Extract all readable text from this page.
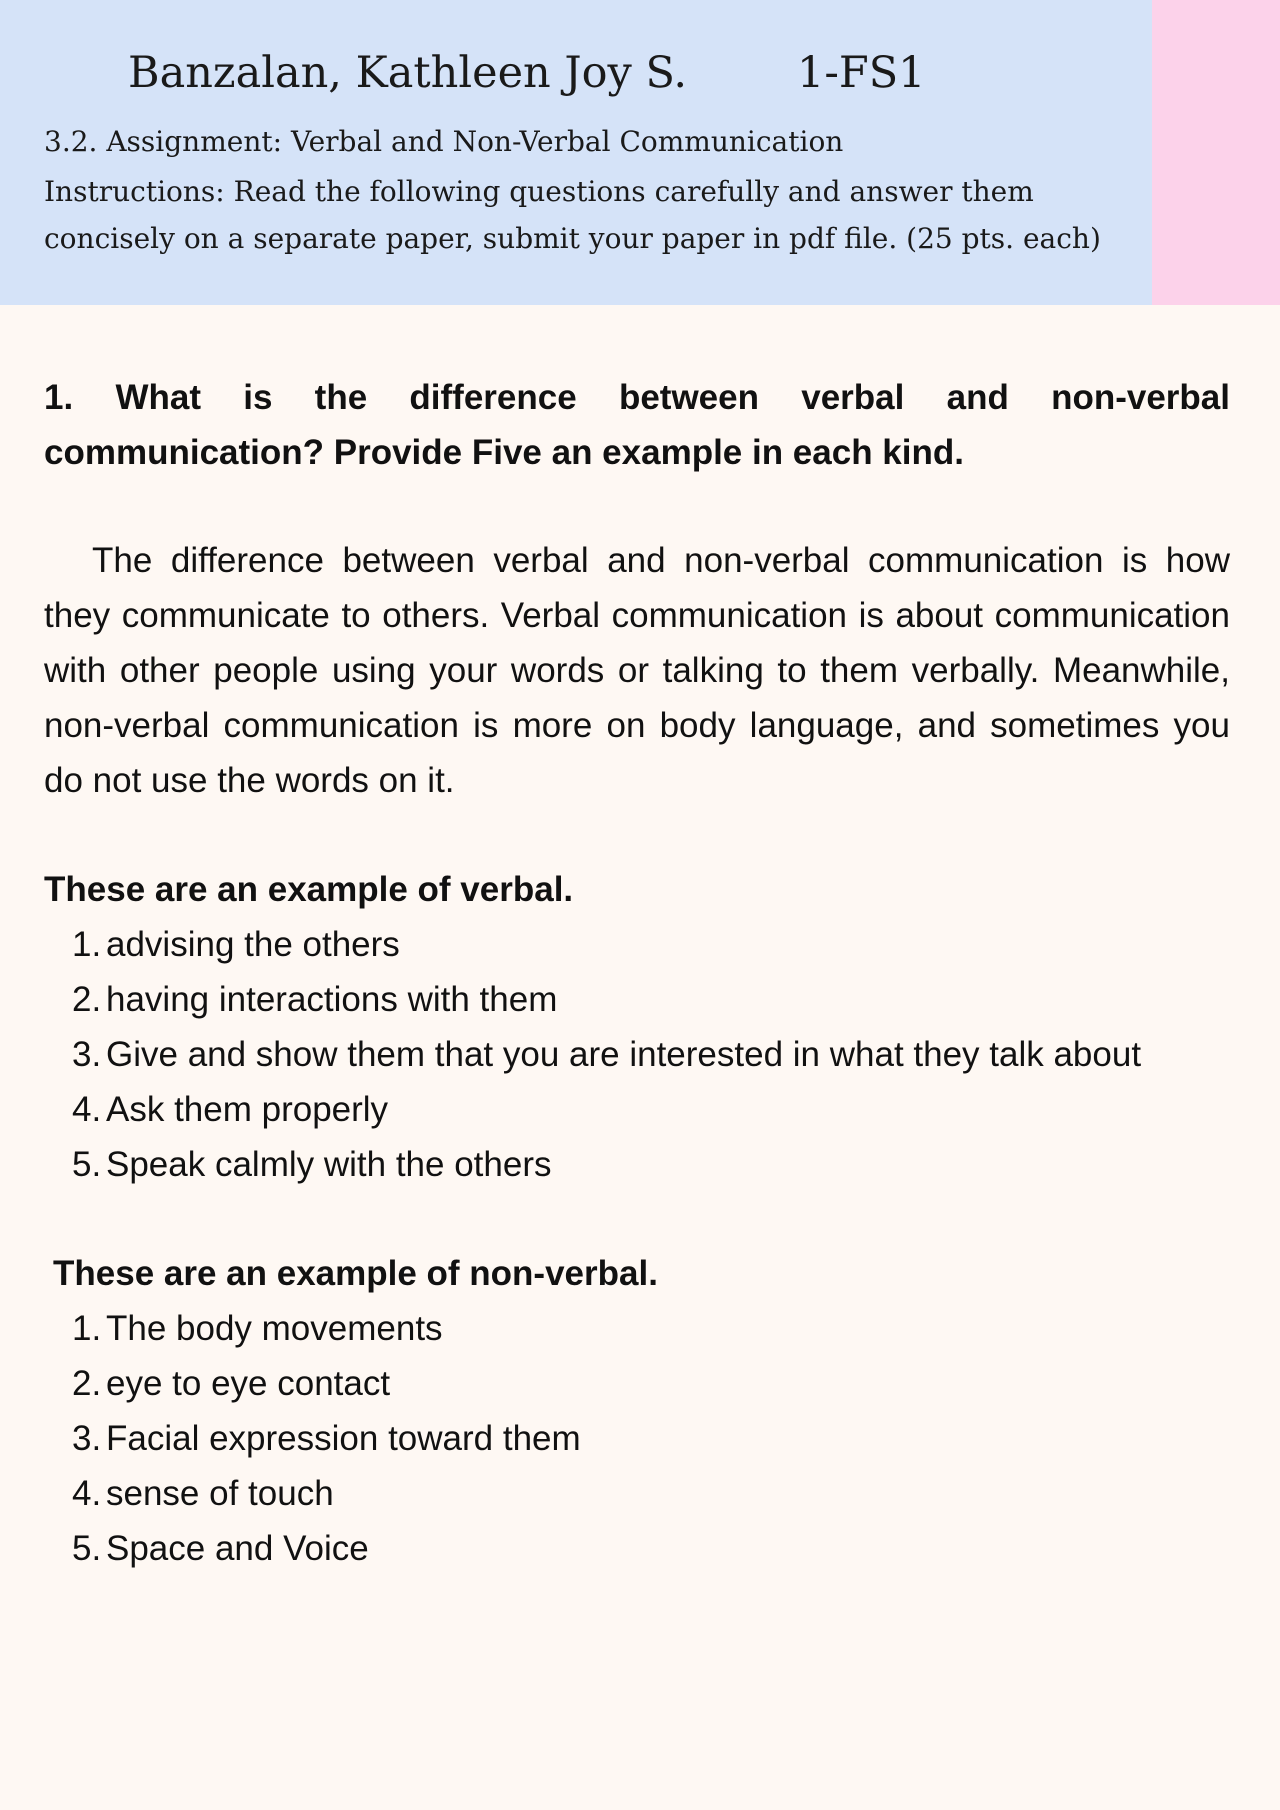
Banzalan, Kathleen Joy S.	1-FS1
3.2. Assignment: Verbal and Non-Verbal Communication
Instructions: Read the following questions carefully and answer them concisely on a separate paper, submit your paper in pdf file. (25 pts. each)
1. What is the difference between verbal and non-verbal communication? Provide Five an example in each kind.
The difference between verbal and non-verbal communication is how they communicate to others. Verbal communication is about communication with other people using your words or talking to them verbally. Meanwhile, non-verbal communication is more on body language, and sometimes you do not use the words on it.
These are an example of verbal.
1. advising the others
2. having interactions with them
3. Give and show them that you are interested in what they talk about
4. Ask them properly
5. Speak calmly with the others
These are an example of non-verbal.
1. The body movements
2. eye to eye contact
3. Facial expression toward them
4. sense of touch
5. Space and Voice
